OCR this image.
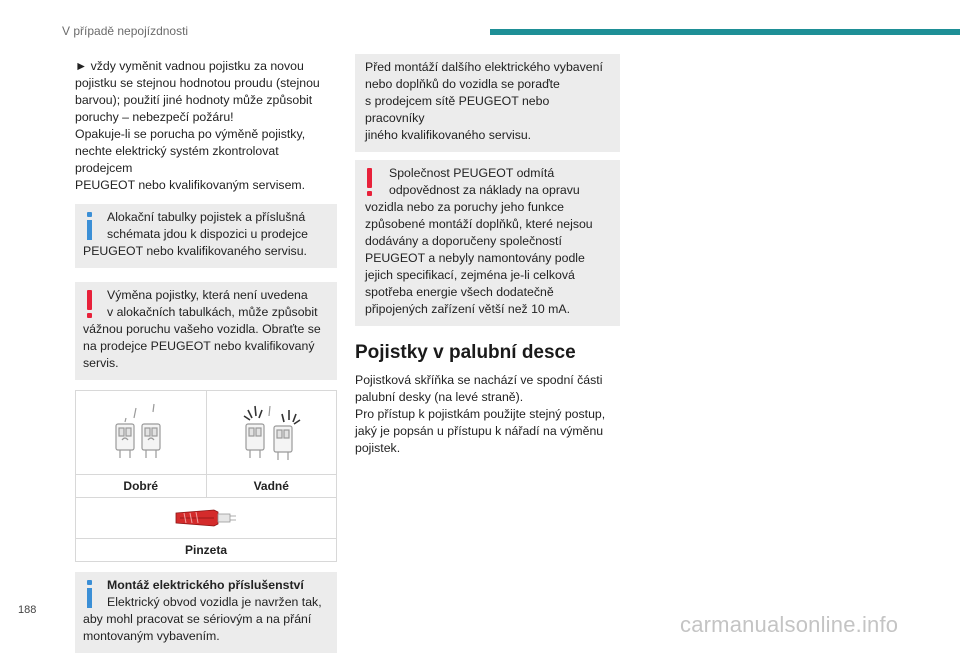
V případě nepojízdnosti

► vždy vyměnit vadnou pojistku za novou

pojistku se stejnou hodnotou proudu (stejnou

barvou); použití jiné hodnoty může způsobit

poruchy – nebezpečí požáru!

Opakuje-li se porucha po výměně pojistky,

nechte elektrický systém zkontrolovat prodejcem

PEUGEOT nebo kvalifikovaným servisem.

Alokační tabulky pojistek a příslušná
schémata jdou k dispozici u prodejce
PEUGEOT nebo kvalifikovaného servisu.
Výměna pojistky, která není uvedena
v alokačních tabulkách, může způsobit
vážnou poruchu vašeho vozidla. Obraťte se
na prodejce PEUGEOT nebo kvalifikovaný
servis.
Dobré	Vadné
Pinzeta
Montáž elektrického příslušenství
Elektrický obvod vozidla je navržen tak,
aby mohl pracovat se sériovým a na přání
montovaným vybavením.
Před montáží dalšího elektrického vybavení
nebo doplňků do vozidla se poraďte
s prodejcem sítě PEUGEOT nebo pracovníky
jiného kvalifikovaného servisu.
Společnost PEUGEOT odmítá
odpovědnost za náklady na opravu
vozidla nebo za poruchy jeho funkce
způsobené montáží doplňků, které nejsou
dodávány a doporučeny společností
PEUGEOT a nebyly namontovány podle
jejich specifikací, zejména je-li celková
spotřeba energie všech dodatečně
připojených zařízení větší než 10 mA.
Pojistky v palubní desce

Pojistková skříňka se nachází ve spodní části

palubní desky (na levé straně).

Pro přístup k pojistkám použijte stejný postup,

jaký je popsán u přístupu k nářadí na výměnu

pojistek.

188
carmanualsonline.info
